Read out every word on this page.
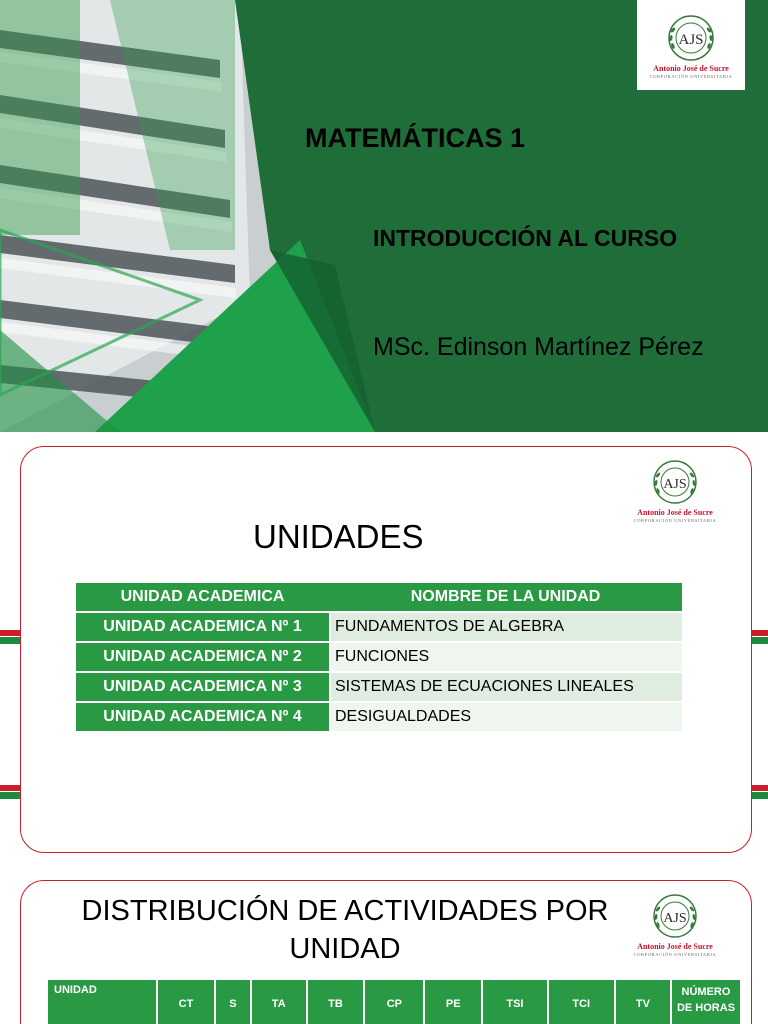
AJS
Antonio José de Sucre
CORPORACIÓN UNIVERSITARIA
MATEMÁTICAS 1
INTRODUCCIÓN AL CURSO
MSc. Edinson Martínez Pérez
AJS
Antonio José de Sucre
CORPORACIÓN UNIVERSITARIA
UNIDADES
UNIDAD ACADEMICA	NOMBRE DE LA UNIDAD
UNIDAD ACADEMICA Nº 1	FUNDAMENTOS DE ALGEBRA
UNIDAD ACADEMICA Nº 2	FUNCIONES
UNIDAD ACADEMICA Nº 3	SISTEMAS DE ECUACIONES LINEALES
UNIDAD ACADEMICA Nº 4	DESIGUALDADES
AJS
Antonio José de Sucre
CORPORACIÓN UNIVERSITARIA
DISTRIBUCIÓN DE ACTIVIDADES POR UNIDAD
UNIDAD	CT	S	TA	TB	CP	PE	TSI	TCI	TV	NÚMERO DE HORAS
